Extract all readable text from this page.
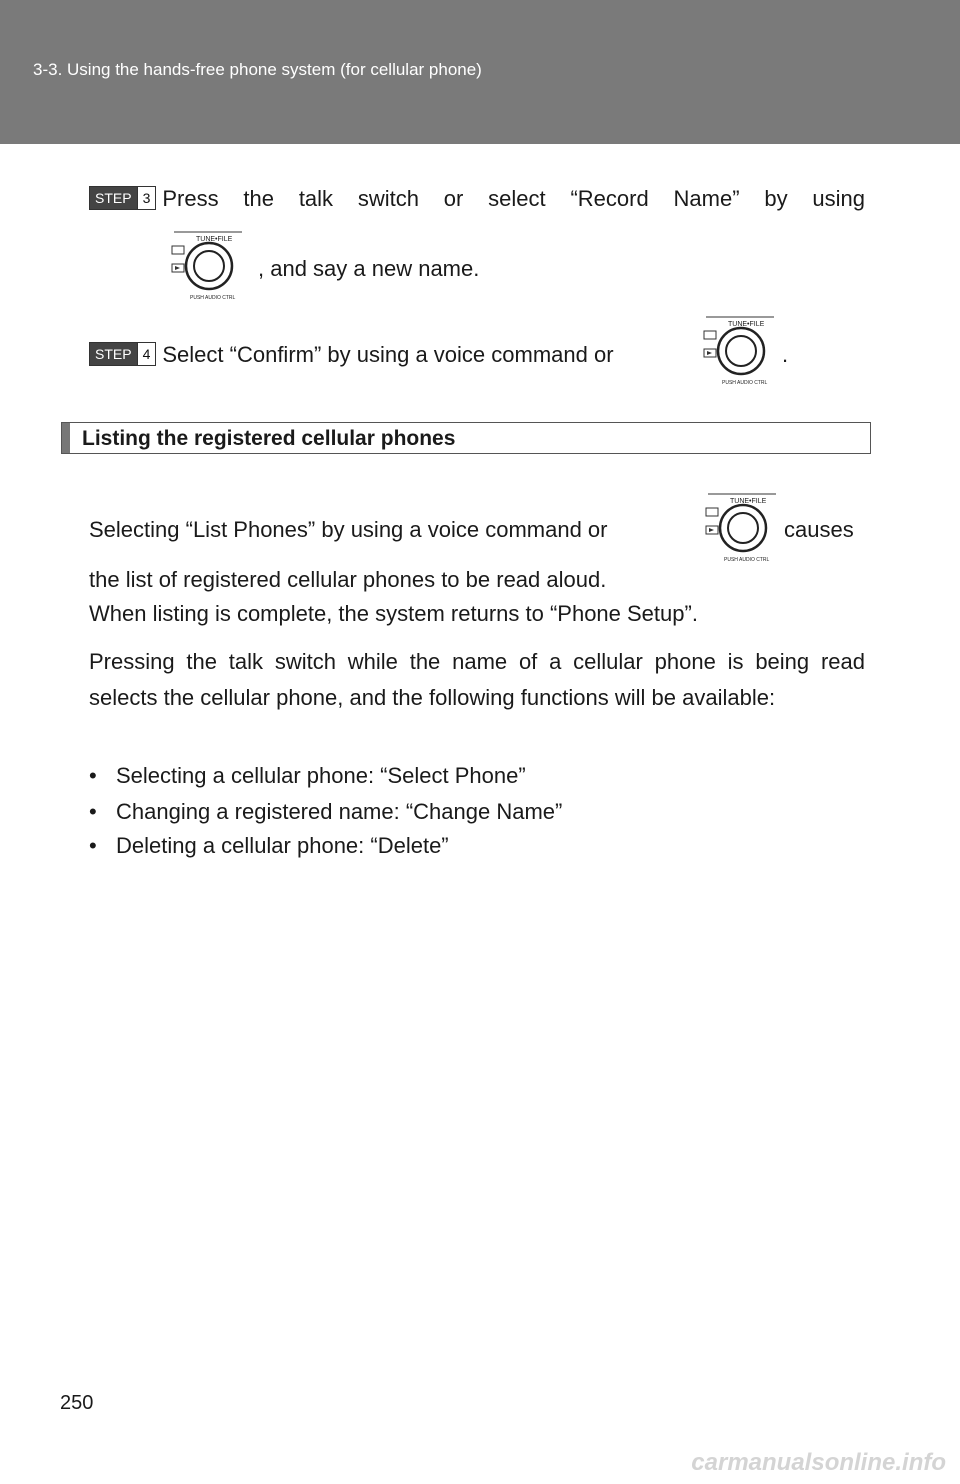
3-3. Using the hands-free phone system (for cellular phone)
STEP 3 Press the talk switch or select “Record Name” by using
TUNE•FILE
PUSH AUDIO CTRL
, and say a new name.
STEP 4 Select “Confirm” by using a voice command or
TUNE•FILE
PUSH AUDIO CTRL
.
Listing the registered cellular phones
Selecting “List Phones” by using a voice command or
TUNE•FILE
PUSH AUDIO CTRL
causes
the list of registered cellular phones to be read aloud.
When listing is complete, the system returns to “Phone Setup”.
Pressing the talk switch while the name of a cellular phone is being read selects the cellular phone, and the following functions will be available:
• Selecting a cellular phone: “Select Phone”
• Changing a registered name: “Change Name”
• Deleting a cellular phone: “Delete”
250
carmanualsonline.info
